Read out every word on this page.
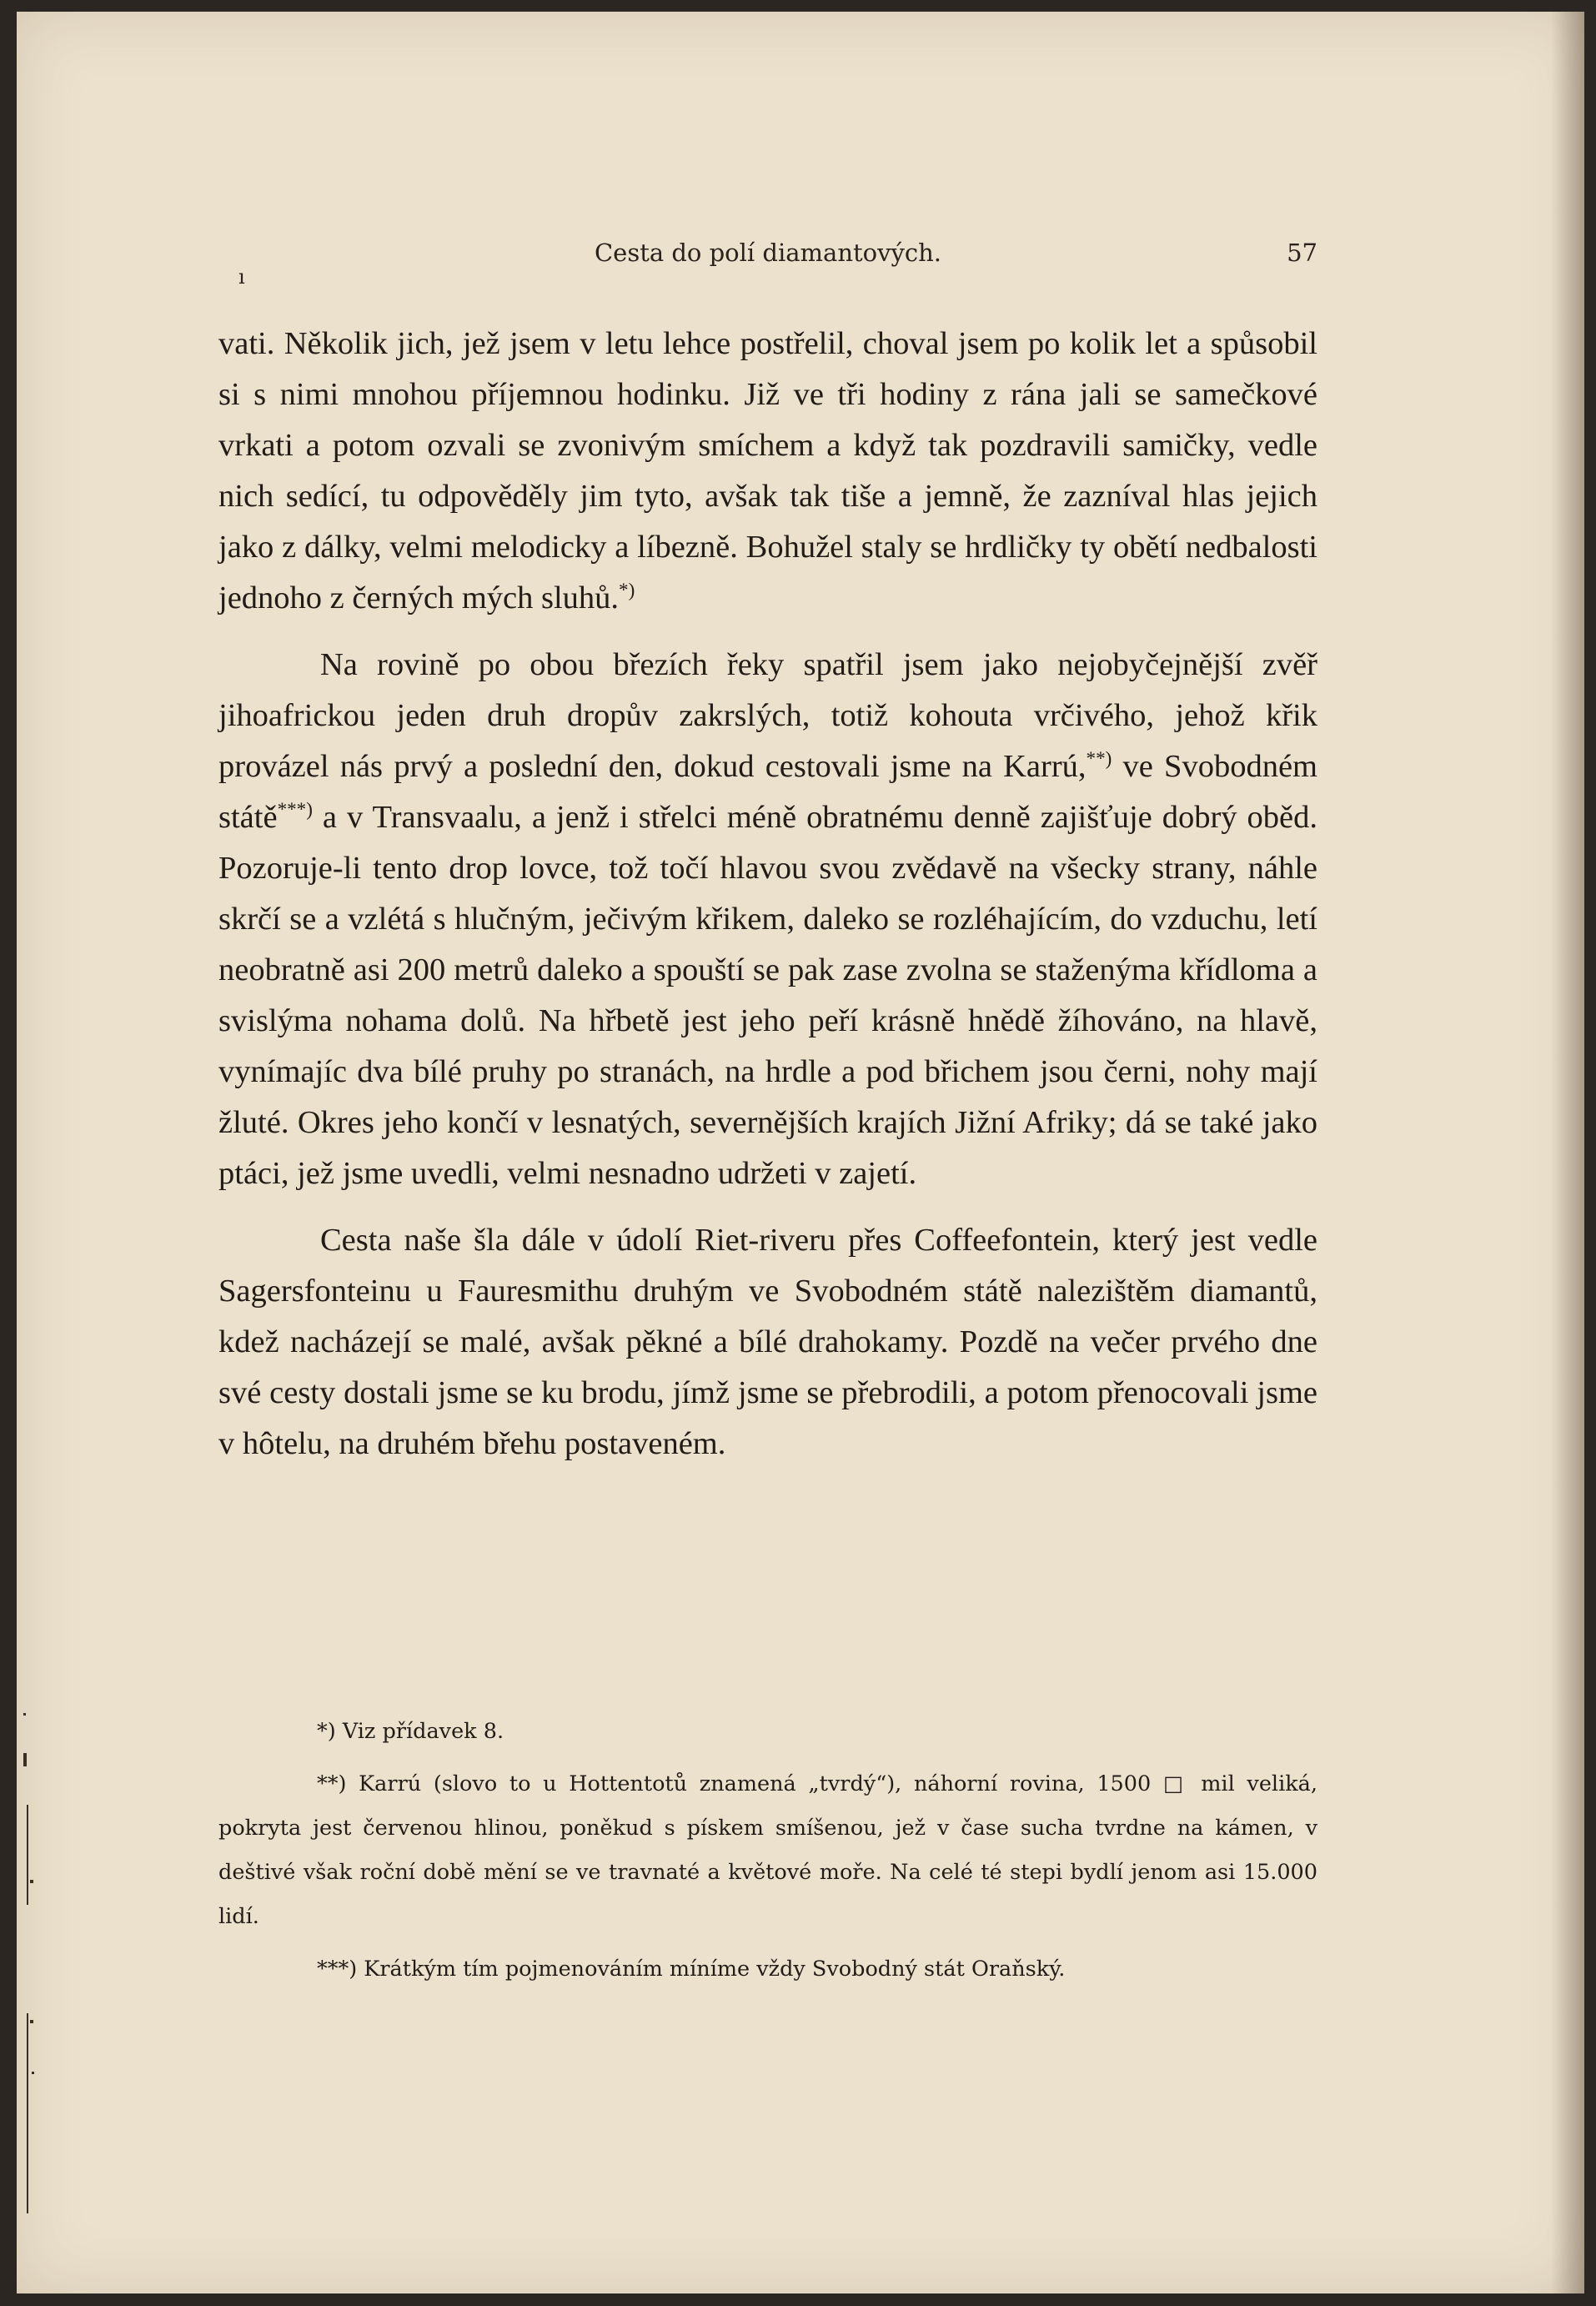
ı
Cesta do polí diamantových.	57

vati. Několik jich, jež jsem v letu lehce postřelil, choval jsem po kolik let a spůsobil si s nimi mnohou příjemnou hodinku. Již ve tři hodiny z rána jali se samečkové vrkati a potom ozvali se zvonivým smíchem a když tak pozdravili samičky, vedle nich sedící, tu odpověděly jim tyto, avšak tak tiše a jemně, že zazníval hlas jejich jako z dálky, velmi melodicky a líbezně. Bohužel staly se hrdličky ty obětí nedbalosti jednoho z černých mých sluhů.*)

Na rovině po obou březích řeky spatřil jsem jako nejobyčejnější zvěř jihoafrickou jeden druh dropův zakrslých, totiž kohouta vrčivého, jehož křik provázel nás prvý a poslední den, dokud cestovali jsme na Karrú,**) ve Svobodném státě***) a v Transvaalu, a jenž i střelci méně obratnému denně zajišťuje dobrý oběd. Pozoruje-li tento drop lovce, tož točí hlavou svou zvědavě na všecky strany, náhle skrčí se a vzlétá s hlučným, ječivým křikem, daleko se rozléhajícím, do vzduchu, letí neobratně asi 200 metrů daleko a spouští se pak zase zvolna se staženýma křídloma a svislýma nohama dolů. Na hřbetě jest jeho peří krásně hnědě žíhováno, na hlavě, vynímajíc dva bílé pruhy po stranách, na hrdle a pod břichem jsou černi, nohy mají žluté. Okres jeho končí v lesnatých, severnějších krajích Jižní Afriky; dá se také jako ptáci, jež jsme uvedli, velmi nesnadno udržeti v zajetí.

Cesta naše šla dále v údolí Riet-riveru přes Coffeefontein, který jest vedle Sagersfonteinu u Fauresmithu druhým ve Svobodném státě nalezištěm diamantů, kdež nacházejí se malé, avšak pěkné a bílé drahokamy. Pozdě na večer prvého dne své cesty dostali jsme se ku brodu, jímž jsme se přebrodili, a potom přenocovali jsme v hôtelu, na druhém břehu postaveném.

*) Viz přídavek 8.

**) Karrú (slovo to u Hottentotů znamená „tvrdý“), náhorní rovina, 1500 □ mil veliká, pokryta jest červenou hlinou, poněkud s pískem smíšenou, jež v čase sucha tvrdne na kámen, v deštivé však roční době mění se ve travnaté a květové moře. Na celé té stepi bydlí jenom asi 15.000 lidí.

***) Krátkým tím pojmenováním míníme vždy Svobodný stát Oraňský.
